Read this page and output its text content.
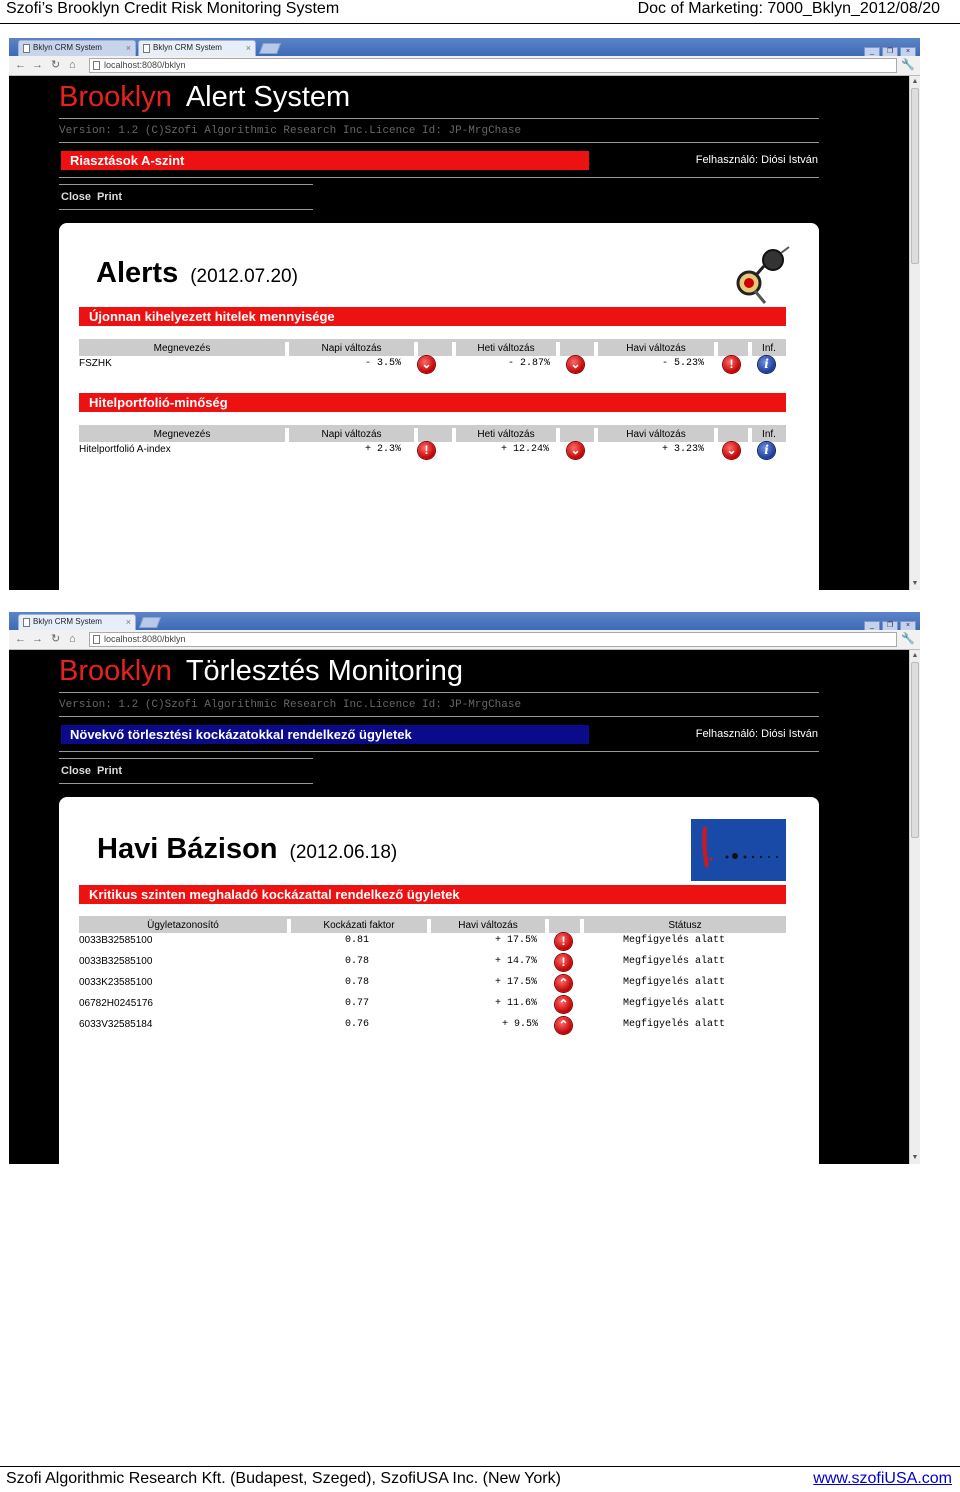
Szofi’s Brooklyn Credit Risk Monitoring System	Doc of Marketing: 7000_Bklyn_2012/08/20
Bklyn CRM System	×	Bklyn CRM System	×	_ ❐ ×
← → ↻ ⌂	localhost:8080/bklyn	🔧
▲
▼
Brooklyn Alert System
Version: 1.2 (C)Szofi Algorithmic Research Inc.Licence Id: JP-MrgChase
Riasztások A-szint	Felhasználó: Diósi István
Close Print
Alerts (2012.07.20)
Újonnan kihelyezett hitelek mennyisége
Megnevezés	Napi változás	Heti változás	Havi változás	Inf.
FSZHK	- 3.5% ⌄	- 2.87% ⌄	- 5.23%	!	i
Hitelportfolió-minőség
Megnevezés	Napi változás	Heti változás	Havi változás	Inf.
Hitelportfolió A-index	+ 2.3%	!	+ 12.24% ⌄	+ 3.23% ⌄	i
Bklyn CRM System	×	_ ❐ ×
← → ↻ ⌂	localhost:8080/bklyn	🔧
▲
▼
Brooklyn Törlesztés Monitoring
Version: 1.2 (C)Szofi Algorithmic Research Inc.Licence Id: JP-MrgChase
Növekvő törlesztési kockázatokkal rendelkező ügyletek	Felhasználó: Diósi István
Close Print
Havi Bázison (2012.06.18)
Kritikus szinten meghaladó kockázattal rendelkező ügyletek
Ügyletazonosító	Kockázati faktor	Havi változás	Státusz
0033B32585100	0.81	+ 17.5%	!	Megfigyelés alatt
0033B32585100	0.78	+ 14.7%	!	Megfigyelés alatt
0033K23585100	0.78	+ 17.5% ⌃	Megfigyelés alatt
06782H0245176	0.77	+ 11.6% ⌃	Megfigyelés alatt
6033V32585184	0.76	+ 9.5% ⌃	Megfigyelés alatt
Szofi Algorithmic Research Kft. (Budapest, Szeged), SzofiUSA Inc. (New York)	www.szofiUSA.com
